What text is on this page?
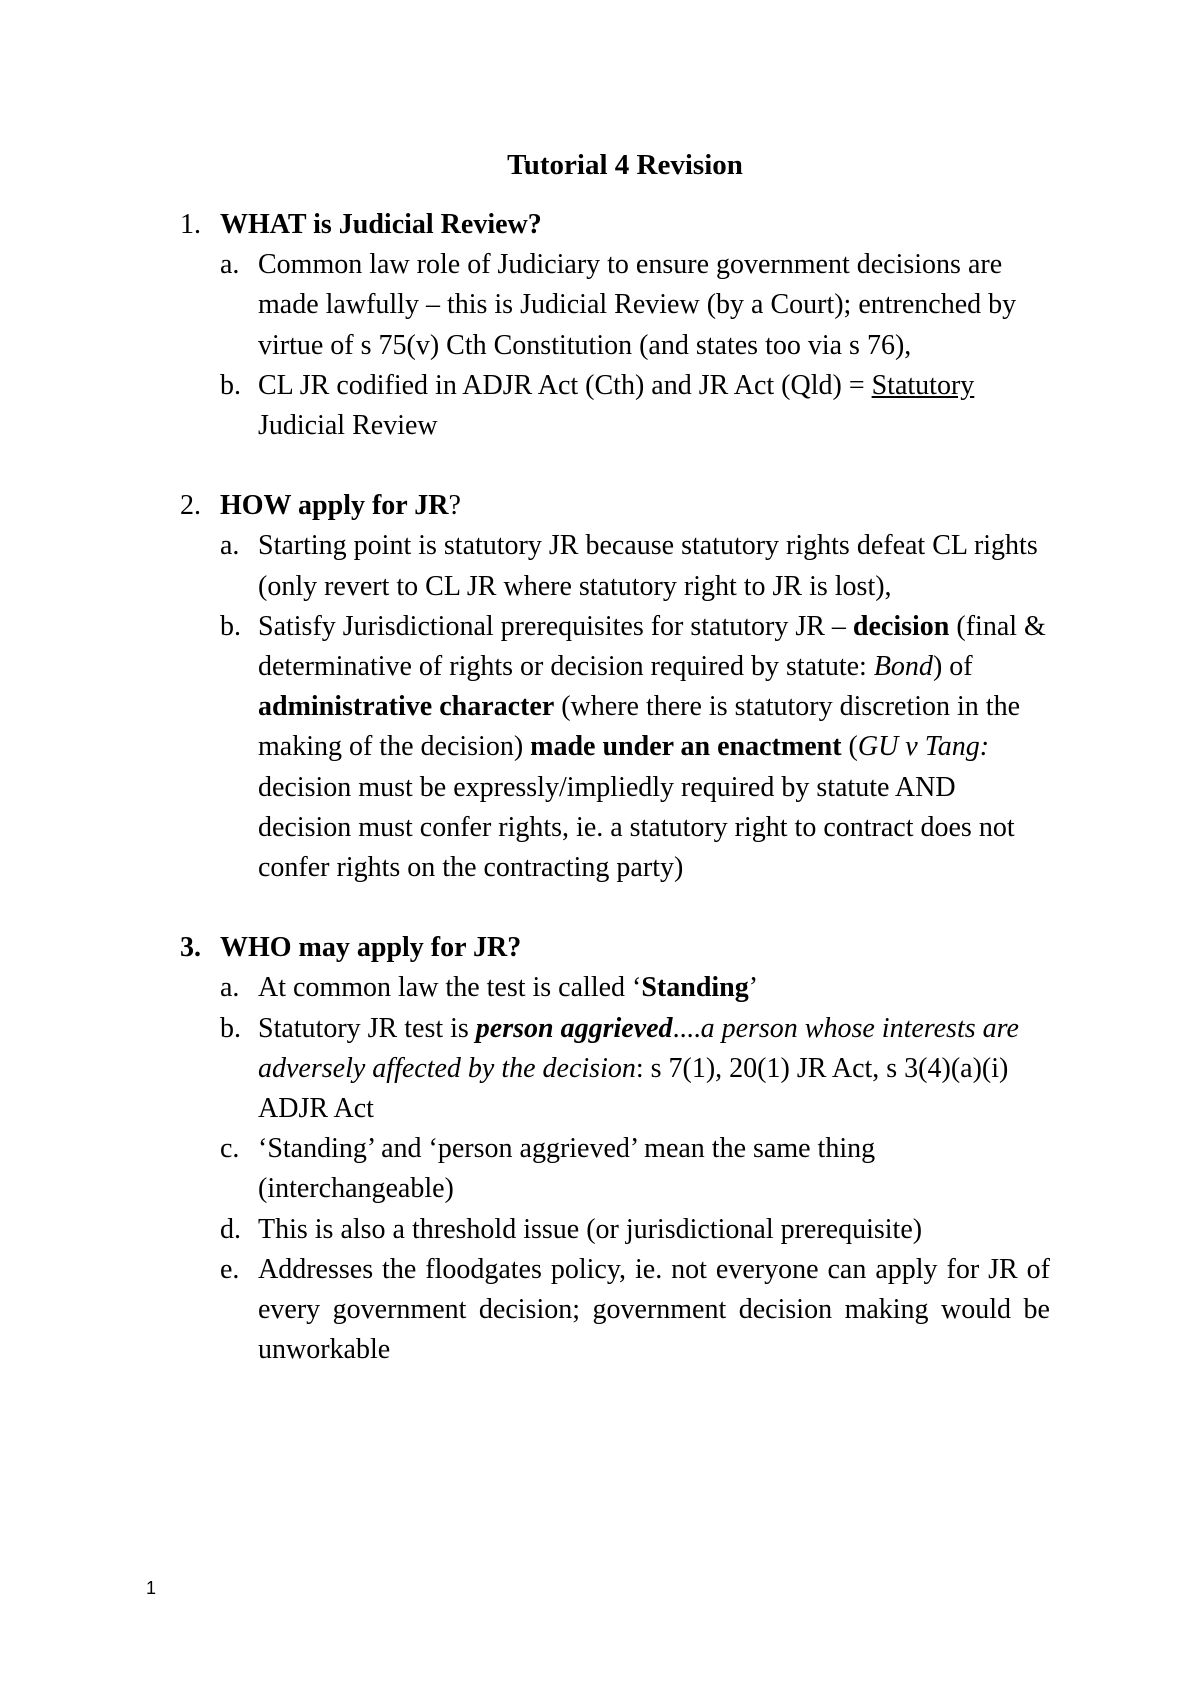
Tutorial 4 Revision
1. WHAT is Judicial Review?
a. Common law role of Judiciary to ensure government decisions are made lawfully – this is Judicial Review (by a Court); entrenched by virtue of s 75(v) Cth Constitution (and states too via s 76),
b. CL JR codified in ADJR Act (Cth) and JR Act (Qld) = Statutory Judicial Review
2. HOW apply for JR?
a. Starting point is statutory JR because statutory rights defeat CL rights (only revert to CL JR where statutory right to JR is lost),
b. Satisfy Jurisdictional prerequisites for statutory JR – decision (final & determinative of rights or decision required by statute: Bond) of administrative character (where there is statutory discretion in the making of the decision) made under an enactment (GU v Tang: decision must be expressly/impliedly required by statute AND decision must confer rights, ie. a statutory right to contract does not confer rights on the contracting party)
3. WHO may apply for JR?
a. At common law the test is called ‘Standing’
b. Statutory JR test is person aggrieved....a person whose interests are adversely affected by the decision: s 7(1), 20(1) JR Act, s 3(4)(a)(i) ADJR Act
c. ‘Standing’ and ‘person aggrieved’ mean the same thing (interchangeable)
d. This is also a threshold issue (or jurisdictional prerequisite)
e. Addresses the floodgates policy, ie. not everyone can apply for JR of every government decision; government decision making would be unworkable
1
